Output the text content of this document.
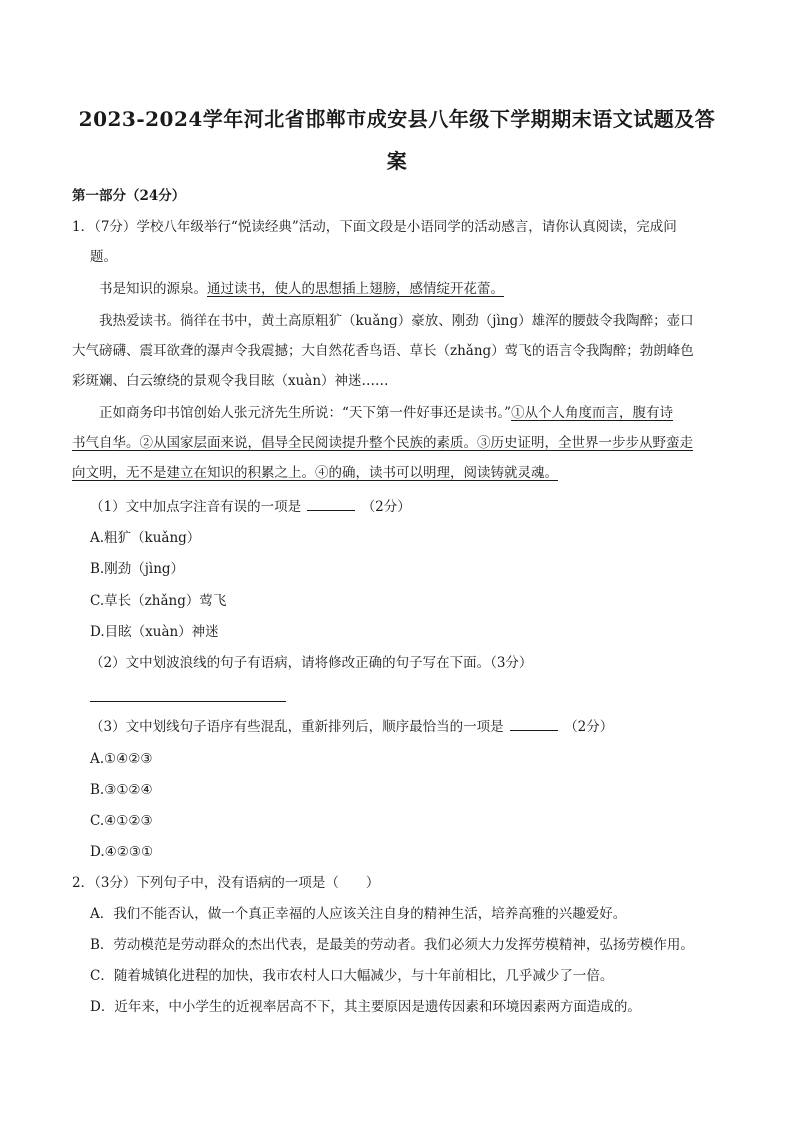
2023-2024学年河北省邯郸市成安县八年级下学期期末语文试题及答
案
第一部分（24分）
1．（7分）学校八年级举行“悦读经典”活动，下面文段是小语同学的活动感言，请你认真阅读，完成问
题。
书是知识的源泉。通过读书，使人的思想插上翅膀，感情绽开花蕾。
我热爱读书。徜徉在书中，黄土高原粗犷（kuǎng）豪放、刚劲（jìng）雄浑的腰鼓令我陶醉；壶口
大气磅礴、震耳欲聋的瀑声令我震撼；大自然花香鸟语、草长（zhǎng）莺飞的语言令我陶醉；勃朗峰色
彩斑斓、白云缭绕的景观令我目眩（xuàn）神迷……
正如商务印书馆创始人张元济先生所说：“天下第一件好事还是读书。”①从个人角度而言，腹有诗
书气自华。②从国家层面来说，倡导全民阅读提升整个民族的素质。③历史证明，全世界一步步从野蛮走
向文明，无不是建立在知识的积累之上。④的确，读书可以明理，阅读铸就灵魂。
（1）文中加点字注音有误的一项是	（2分）
A.粗犷（kuǎng）
B.刚劲（jìng）
C.草长（zhǎng）莺飞
D.目眩（xuàn）神迷
（2）文中划波浪线的句子有语病，请将修改正确的句子写在下面。（3分）
（3）文中划线句子语序有些混乱，重新排列后，顺序最恰当的一项是	（2分）
A.①④②③
B.③①②④
C.④①②③
D.④②③①
2．（3分）下列句子中，没有语病的一项是（　　）
A．我们不能否认，做一个真正幸福的人应该关注自身的精神生活，培养高雅的兴趣爱好。
B．劳动模范是劳动群众的杰出代表，是最美的劳动者。我们必须大力发挥劳模精神，弘扬劳模作用。
C．随着城镇化进程的加快，我市农村人口大幅减少，与十年前相比，几乎减少了一倍。
D．近年来，中小学生的近视率居高不下，其主要原因是遗传因素和环境因素两方面造成的。
